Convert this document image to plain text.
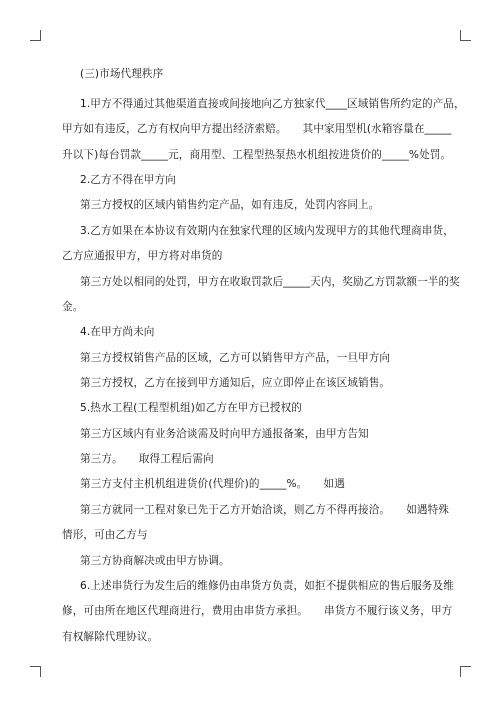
(三)市场代理秩序
1.甲方不得通过其他渠道直接或间接地向乙方独家代____区域销售所约定的产品，
甲方如有违反，乙方有权向甲方提出经济索赔。　　其中家用型机(水箱容量在_____
升以下)每台罚款_____元，商用型、工程型热泵热水机组按进货价的_____%处罚。
2.乙方不得在甲方向
第三方授权的区域内销售约定产品，如有违反，处罚内容同上。
3.乙方如果在本协议有效期内在独家代理的区域内发现甲方的其他代理商串货，
乙方应通报甲方，甲方将对串货的
第三方处以相同的处罚，甲方在收取罚款后_____天内，奖励乙方罚款额一半的奖
金。
4.在甲方尚未向
第三方授权销售产品的区域，乙方可以销售甲方产品，一旦甲方向
第三方授权，乙方在接到甲方通知后，应立即停止在该区域销售。
5.热水工程(工程型机组)如乙方在甲方已授权的
第三方区域内有业务洽谈需及时向甲方通报备案，由甲方告知
第三方。　　取得工程后需向
第三方支付主机机组进货价(代理价)的_____%。　　如遇
第三方就同一工程对象已先于乙方开始洽谈，则乙方不得再接洽。　　如遇特殊
情形，可由乙方与
第三方协商解决或由甲方协调。
6.上述串货行为发生后的维修仍由串货方负责，如拒不提供相应的售后服务及维
修，可由所在地区代理商进行，费用由串货方承担。　　串货方不履行该义务，甲方
有权解除代理协议。
